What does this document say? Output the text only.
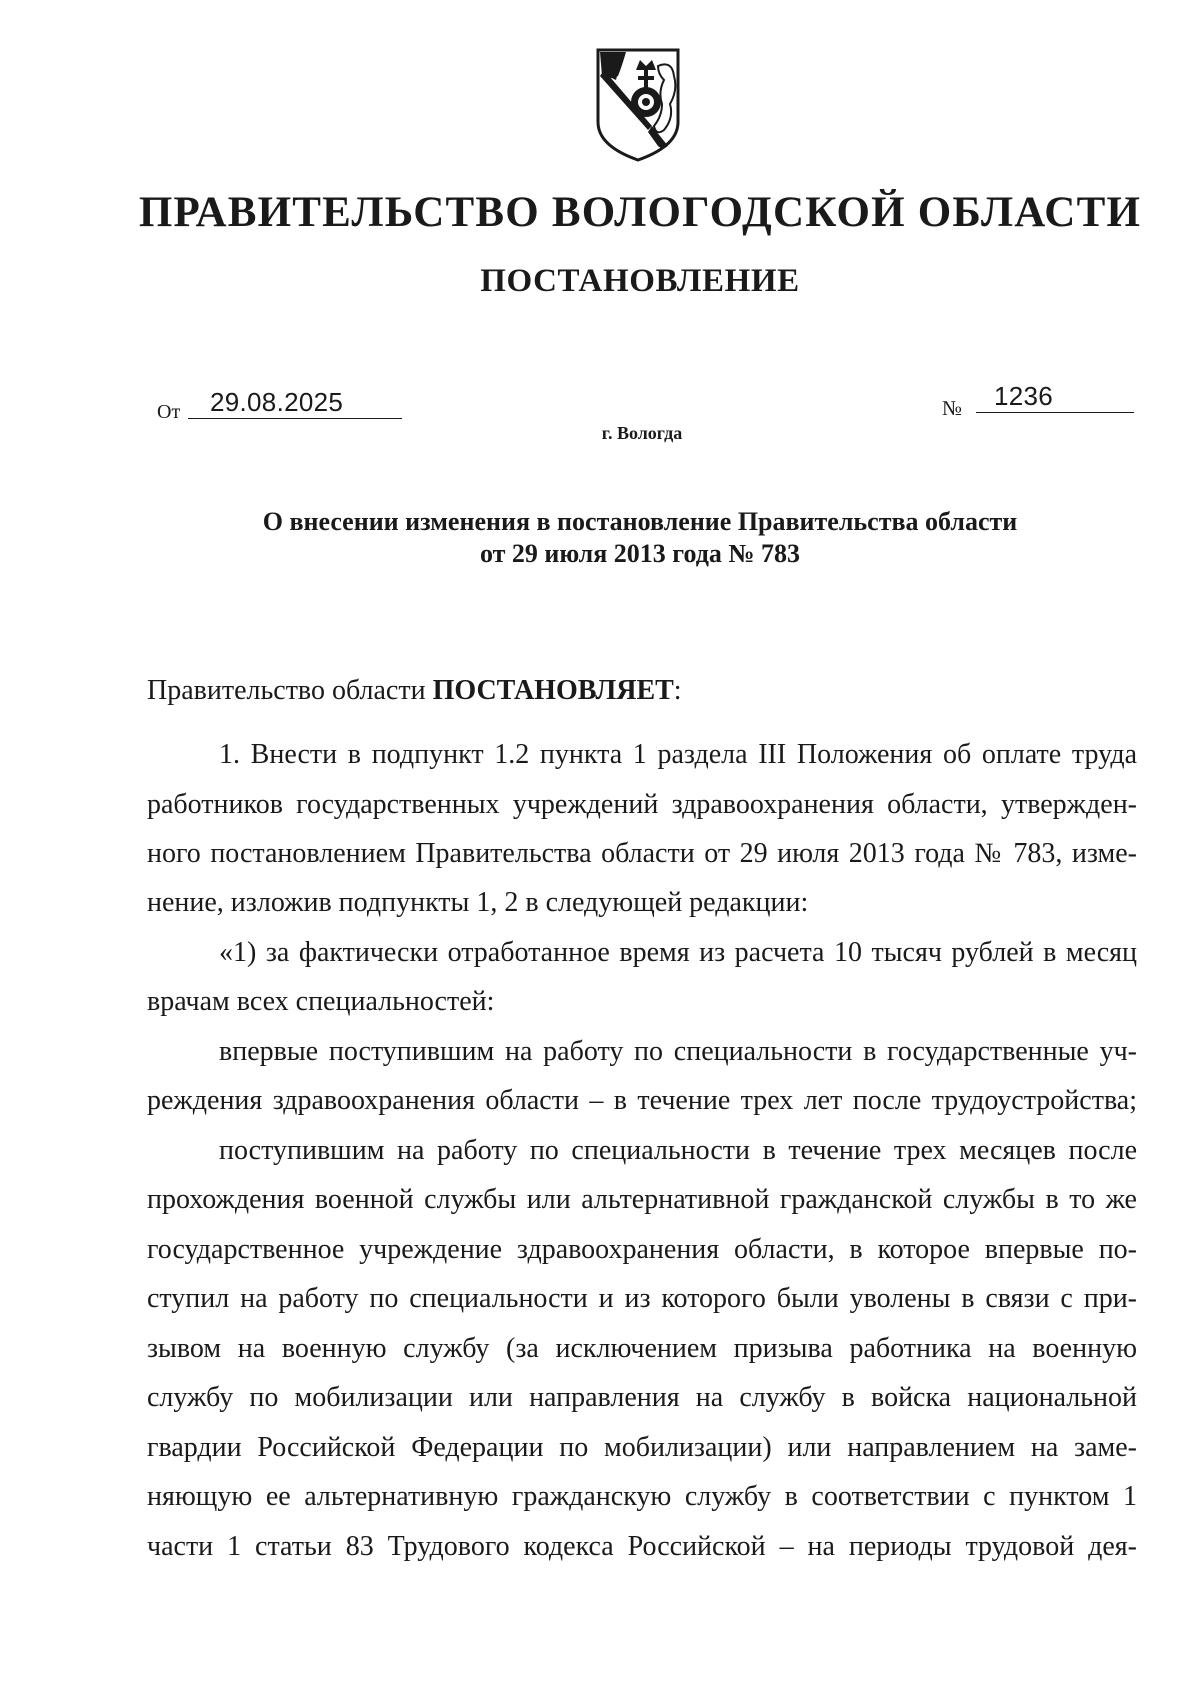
ПРАВИТЕЛЬСТВО ВОЛОГОДСКОЙ ОБЛАСТИ
ПОСТАНОВЛЕНИЕ
От 29.08.2025	№ 1236
г. Вологда
О внесении изменения в постановление Правительства области
от 29 июля 2013 года № 783
Правительство области ПОСТАНОВЛЯЕТ:
1. Внести в подпункт 1.2 пункта 1 раздела III Положения об оплате труда
работников государственных учреждений здравоохранения области, утвержден-
ного постановлением Правительства области от 29 июля 2013 года № 783, изме-
нение, изложив подпункты 1, 2 в следующей редакции:
«1) за фактически отработанное время из расчета 10 тысяч рублей в месяц
врачам всех специальностей:
впервые поступившим на работу по специальности в государственные уч-
реждения здравоохранения области – в течение трех лет после трудоустройства;
поступившим на работу по специальности в течение трех месяцев после
прохождения военной службы или альтернативной гражданской службы в то же
государственное учреждение здравоохранения области, в которое впервые по-
ступил на работу по специальности и из которого были уволены в связи с при-
зывом на военную службу (за исключением призыва работника на военную
службу по мобилизации или направления на службу в войска национальной
гвардии Российской Федерации по мобилизации) или направлением на заме-
няющую ее альтернативную гражданскую службу в соответствии с пунктом 1
части 1 статьи 83 Трудового кодекса Российской – на периоды трудовой дея-
